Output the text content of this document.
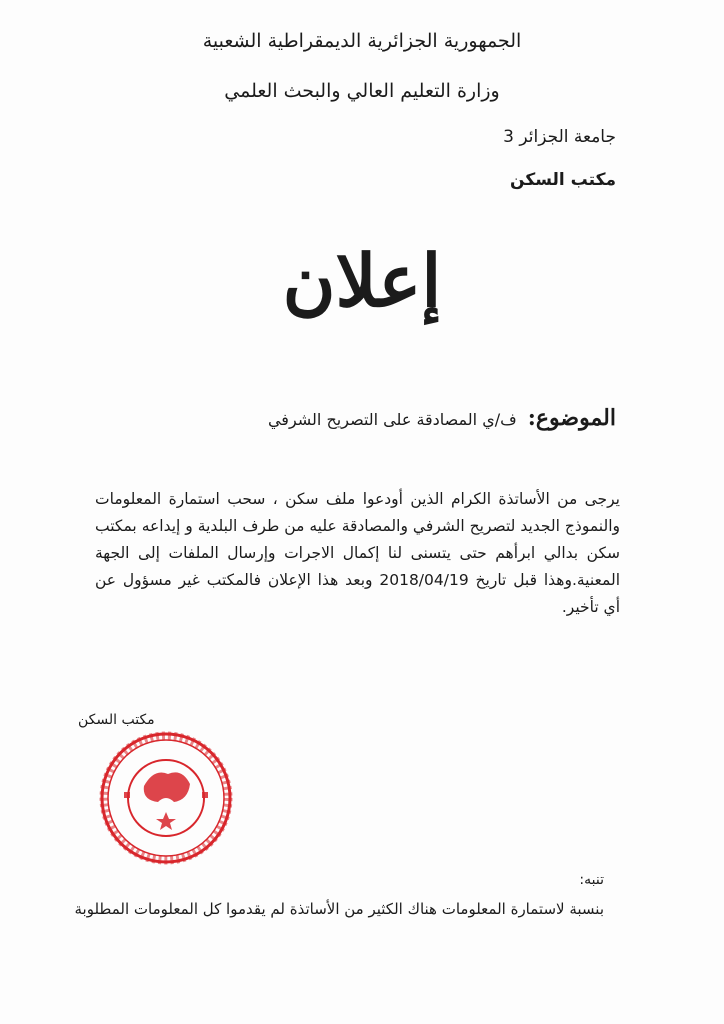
الجمهورية الجزائرية الديمقراطية الشعبية
وزارة التعليم العالي والبحث العلمي
جامعة الجزائر 3
مكتب السكن
إعلان
الموضوع: ف/ي المصادقة على التصريح الشرفي
يرجى من الأساتذة الكرام الذين أودعوا ملف سكن ، سحب استمارة المعلومات والنموذج الجديد لتصريح الشرفي والمصادقة عليه من طرف البلدية و إيداعه بمكتب سكن بدالي ابرأهم حتى يتسنى لنا إكمال الاجرات وإرسال الملفات إلى الجهة المعنية.وهذا قبل تاريخ 2018/04/19 وبعد هذا الإعلان فالمكتب غير مسؤول عن أي تأخير.
مكتب السكن
تنبه:
بنسبة لاستمارة المعلومات هناك الكثير من الأساتذة لم يقدموا كل المعلومات المطلوبة
